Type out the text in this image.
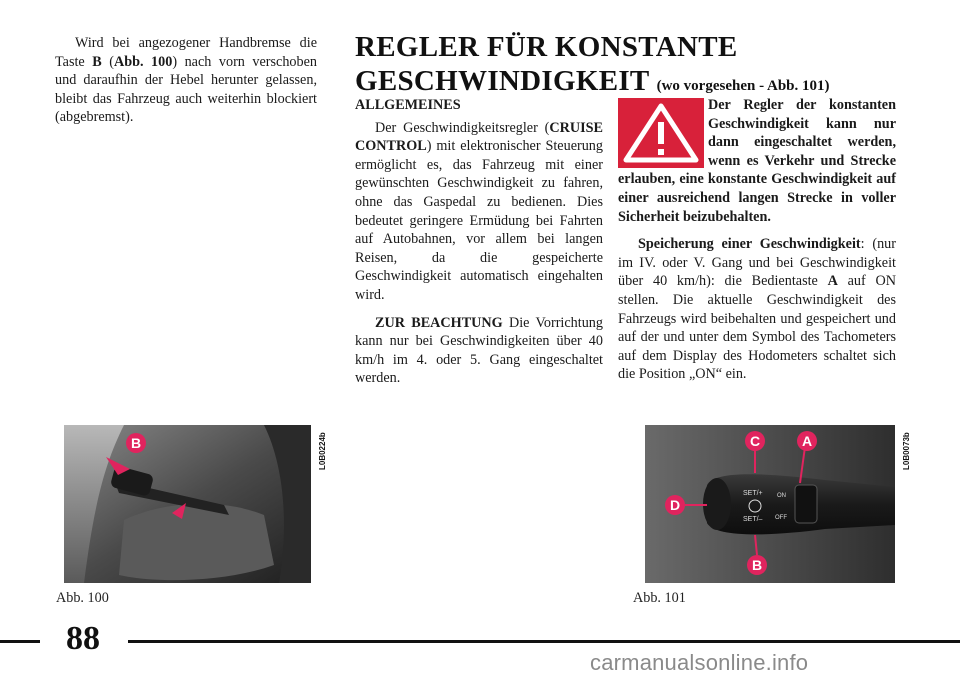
Wird bei angezogener Handbremse die Taste B (Abb. 100) nach vorn verschoben und daraufhin der Hebel herunter gelassen, bleibt das Fahrzeug auch weiterhin blockiert (abgebremst).

REGLER FÜR KONSTANTE
GESCHWINDIGKEIT (wo vorgesehen - Abb. 101)

ALLGEMEINES

Der Geschwindigkeitsregler (CRUISE CONTROL) mit elektronischer Steuerung ermöglicht es, das Fahrzeug mit einer gewünschten Geschwindigkeit zu fahren, ohne das Gaspedal zu bedienen. Dies bedeutet geringere Ermüdung bei Fahrten auf Autobahnen, vor allem bei langen Reisen, da die gespeicherte Geschwindigkeit automatisch eingehalten wird.

ZUR BEACHTUNG Die Vorrichtung kann nur bei Geschwindigkeiten über 40 km/h im 4. oder 5. Gang eingeschaltet werden.

Der Regler der konstanten Geschwindigkeit kann nur dann eingeschaltet werden, wenn es Verkehr und Strecke erlauben, eine konstante Geschwindigkeit auf einer ausreichend langen Strecke in voller Sicherheit beizubehalten.

Speicherung einer Geschwindigkeit: (nur im IV. oder V. Gang und bei Geschwindigkeit über 40 km/h): die Bedientaste A auf ON stellen. Die aktuelle Geschwindigkeit des Fahrzeugs wird beibehalten und gespeichert und auf der und unter dem Symbol des Tachometers auf dem Display des Hodometers schaltet sich die Position „ON“ ein.

B	L0B0224b
Abb. 100
SET/+ ON
OFF
SET/–
C	A
D
B
L0B0073b
Abb. 101
88
carmanualsonline.info
